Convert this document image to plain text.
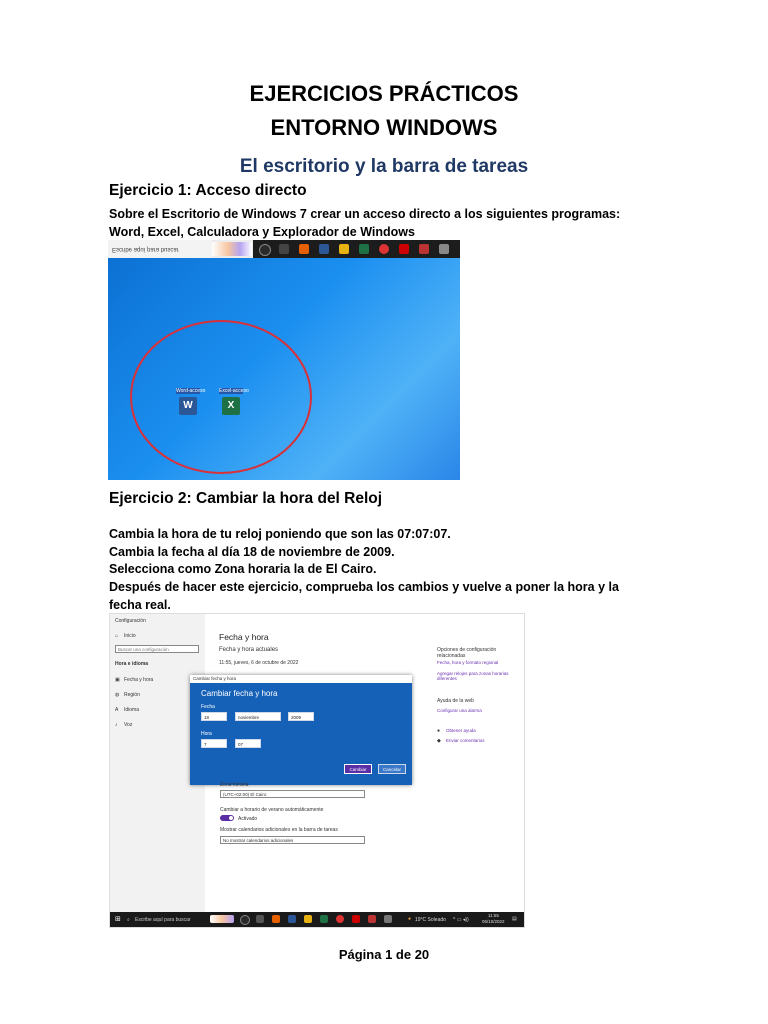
EJERCICIOS PRÁCTICOS
ENTORNO WINDOWS
El escritorio y la barra de tareas
Ejercicio 1: Acceso directo
Sobre el Escritorio de Windows 7 crear un acceso directo a los siguientes programas: Word, Excel, Calculadora y Explorador de Windows
Escribe aquí para buscar
Word-acceso
W
Excel-acceso
X
Ejercicio 2: Cambiar la hora del Reloj
Cambia la hora de tu reloj poniendo que son las 07:07:07.
Cambia la fecha al día 18 de noviembre de 2009.
Selecciona como Zona horaria la de El Cairo.
Después de hacer este ejercicio, comprueba los cambios y vuelve a poner la hora y la fecha real.
Configuración
⌂ Inicio
Buscar una configuración
Hora e idioma
▣ Fecha y hora
◍ Región
A Idioma
♪ Voz
Fecha y hora
Fecha y hora actuales
11:55, jueves, 6 de octubre de 2022
Opciones de configuración relacionadas
Fecha, hora y formato regional
Agregar relojes para zonas horarias diferentes
Ayuda de la web
Configurar una alarma
● Obtener ayuda
◆ Enviar comentarios
Cambiar fecha y hora
Cambiar fecha y hora
Fecha
18	noviembre	2009
Hora
7	07
Cambiar	Cancelar
Zona horaria
(UTC+02:00) El Cairo
Cambiar a horario de verano automáticamente
Activado
Mostrar calendarios adicionales en la barra de tareas
No mostrar calendarios adicionales
⊞ ⌕ Escribe aquí para buscar	● 19°C Soleado ^ ▭ ◂))
11:55
06/10/2022 ▤
Página 1 de 20
